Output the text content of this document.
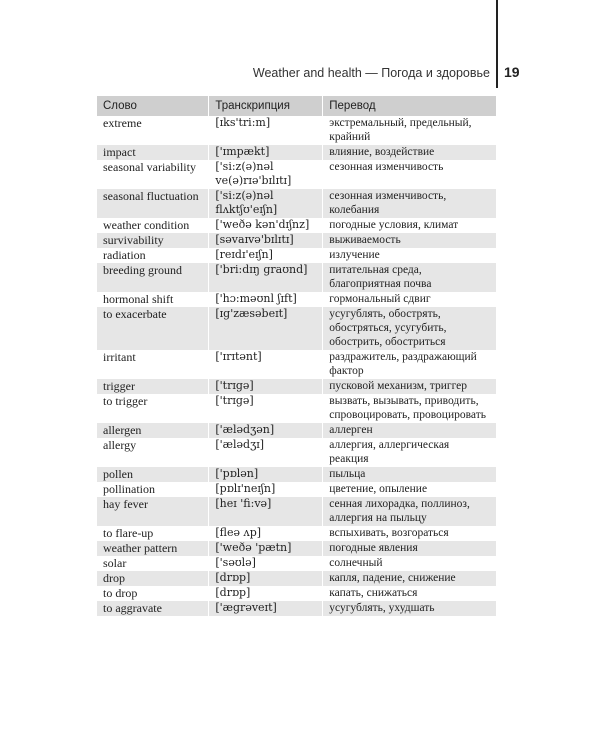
Weather and health — Погода и здоровье 19
Слово	Транскрипция	Перевод
extreme	[ɪks'tri:m]	экстремальный, предельный, крайний
impact	['ɪmpækt]	влияние, воздействие
seasonal variability	['si:z(ə)nəl ve(ə)rɪə'bɪlɪtɪ]	сезонная изменчивость
seasonal fluctuation	['si:z(ə)nəl flʌktʃʊ'eɪʃn]	сезонная изменчивость, колебания
weather condition	['weðə kən'dɪʃnz]	погодные условия, климат
survivability	[səvaɪvə'bɪlɪtɪ]	выживаемость
radiation	[reɪdɪ'eɪʃn]	излучение
breeding ground	['bri:dɪŋ graʊnd]	питательная среда, благоприятная почва
hormonal shift	['hɔ:məʊnl ʃɪft]	гормональный сдвиг
to exacerbate	[ɪg'zæsəbeɪt]	усугублять, обострять, обостряться, усугубить, обострить, обостриться
irritant	['ɪrɪtənt]	раздражитель, раздражающий фактор
trigger	['trɪgə]	пусковой механизм, триггер
to trigger	['trɪgə]	вызвать, вызывать, приводить, спровоцировать, провоцировать
allergen	['ælədʒən]	аллерген
allergy	['ælədʒɪ]	аллергия, аллергическая реакция
pollen	['pɒlən]	пыльца
pollination	[pɒlɪ'neɪʃn]	цветение, опыление
hay fever	[heɪ 'fi:və]	сенная лихорадка, поллиноз, аллергия на пыльцу
to flare-up	[fleə ʌp]	вспыхивать, возгораться
weather pattern	['weðə 'pætn]	погодные явления
solar	['səʊlə]	солнечный
drop	[drɒp]	капля, падение, снижение
to drop	[drɒp]	капать, снижаться
to aggravate	['ægrəveɪt]	усугублять, ухудшать
